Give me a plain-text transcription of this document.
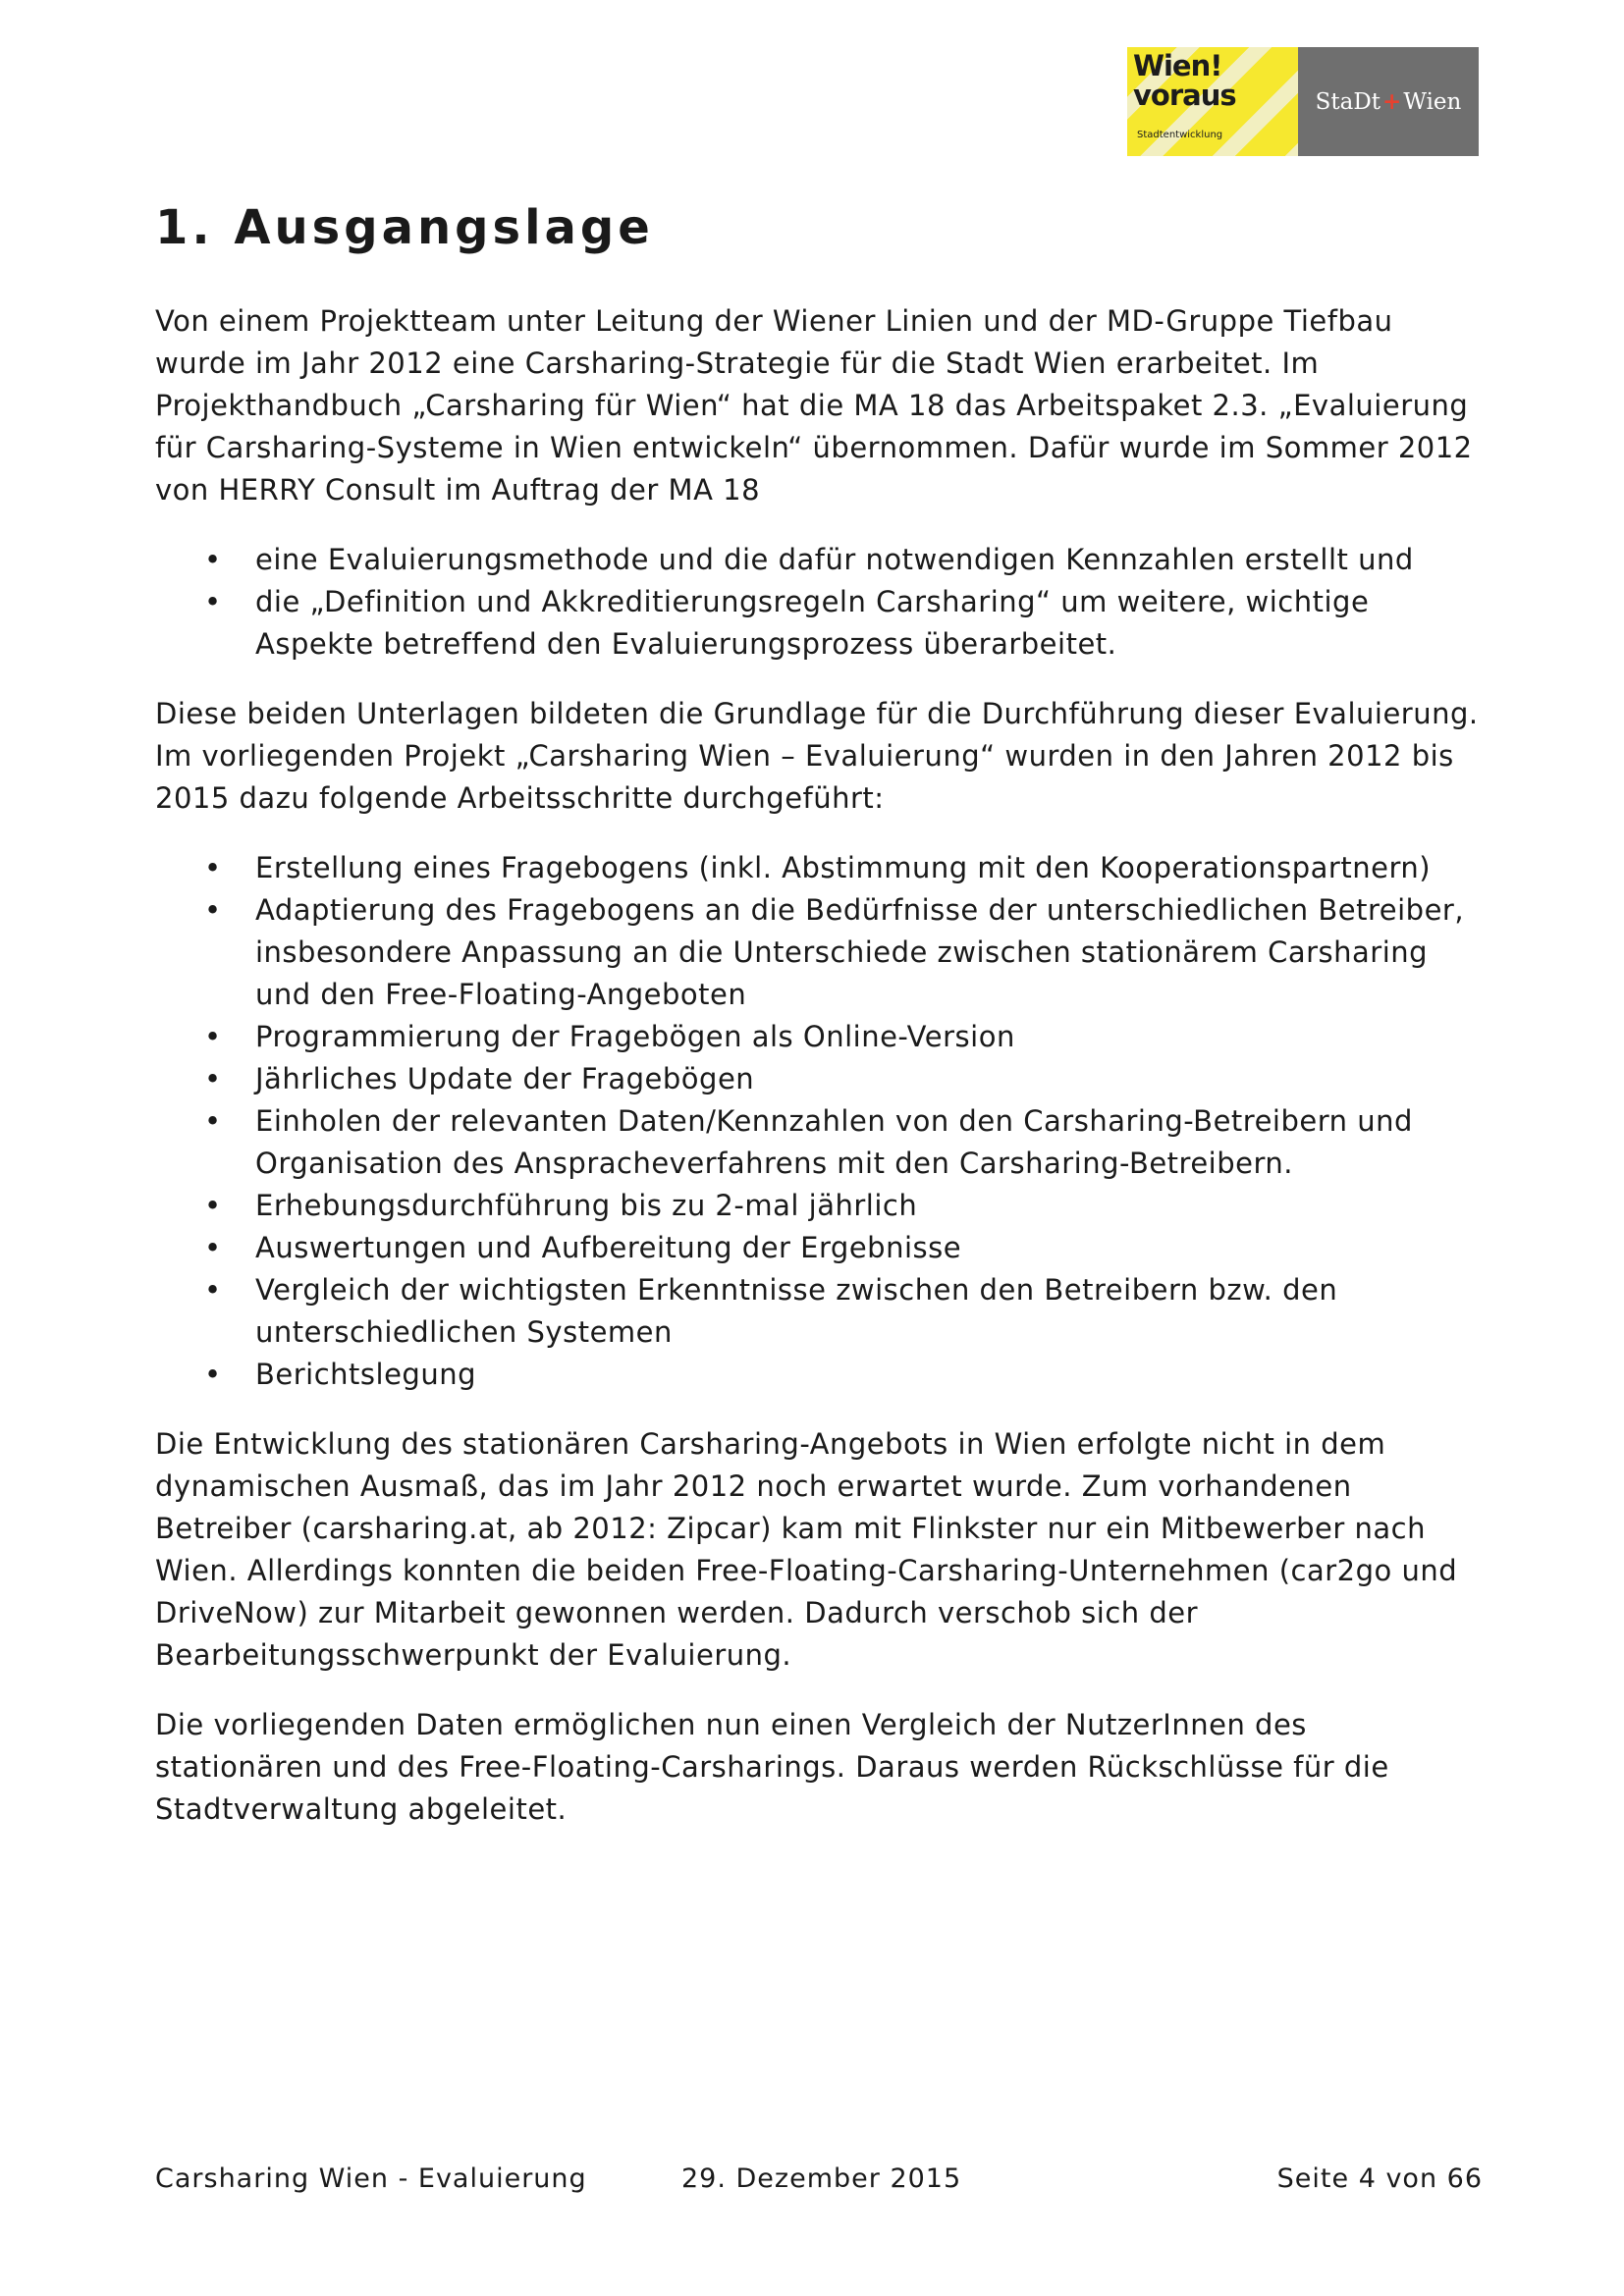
Wien!
voraus
Stadtentwicklung
StaDt+Wien
1. Ausgangslage

Von einem Projektteam unter Leitung der Wiener Linien und der MD-Gruppe Tiefbau wurde im Jahr 2012 eine Carsharing-Strategie für die Stadt Wien erarbeitet. Im Projekthandbuch „Carsharing für Wien“ hat die MA 18 das Arbeitspaket 2.3. „Evaluierung für Carsharing-Systeme in Wien entwickeln“ übernommen. Dafür wurde im Sommer 2012 von HERRY Consult im Auftrag der MA 18

• eine Evaluierungsmethode und die dafür notwendigen Kennzahlen erstellt und
• die „Definition und Akkreditierungsregeln Carsharing“ um weitere, wichtige Aspekte betreffend den Evaluierungsprozess überarbeitet.

Diese beiden Unterlagen bildeten die Grundlage für die Durchführung dieser Evaluierung. Im vorliegenden Projekt „Carsharing Wien – Evaluierung“ wurden in den Jahren 2012 bis 2015 dazu folgende Arbeitsschritte durchgeführt:

• Erstellung eines Fragebogens (inkl. Abstimmung mit den Kooperationspartnern)
• Adaptierung des Fragebogens an die Bedürfnisse der unterschiedlichen Betreiber, insbesondere Anpassung an die Unterschiede zwischen stationärem Carsharing und den Free-Floating-Angeboten
• Programmierung der Fragebögen als Online-Version
• Jährliches Update der Fragebögen
• Einholen der relevanten Daten/Kennzahlen von den Carsharing-Betreibern und Organisation des Anspracheverfahrens mit den Carsharing-Betreibern.
• Erhebungsdurchführung bis zu 2-mal jährlich
• Auswertungen und Aufbereitung der Ergebnisse
• Vergleich der wichtigsten Erkenntnisse zwischen den Betreibern bzw. den unterschiedlichen Systemen
• Berichtslegung

Die Entwicklung des stationären Carsharing-Angebots in Wien erfolgte nicht in dem dynamischen Ausmaß, das im Jahr 2012 noch erwartet wurde. Zum vorhandenen Betreiber (carsharing.at, ab 2012: Zipcar) kam mit Flinkster nur ein Mitbewerber nach Wien. Allerdings konnten die beiden Free-Floating-Carsharing-Unternehmen (car2go und DriveNow) zur Mitarbeit gewonnen werden. Dadurch verschob sich der Bearbeitungsschwerpunkt der Evaluierung.

Die vorliegenden Daten ermöglichen nun einen Vergleich der NutzerInnen des stationären und des Free-Floating-Carsharings. Daraus werden Rückschlüsse für die Stadtverwaltung abgeleitet.

Carsharing Wien - Evaluierung	29. Dezember 2015	Seite 4 von 66
